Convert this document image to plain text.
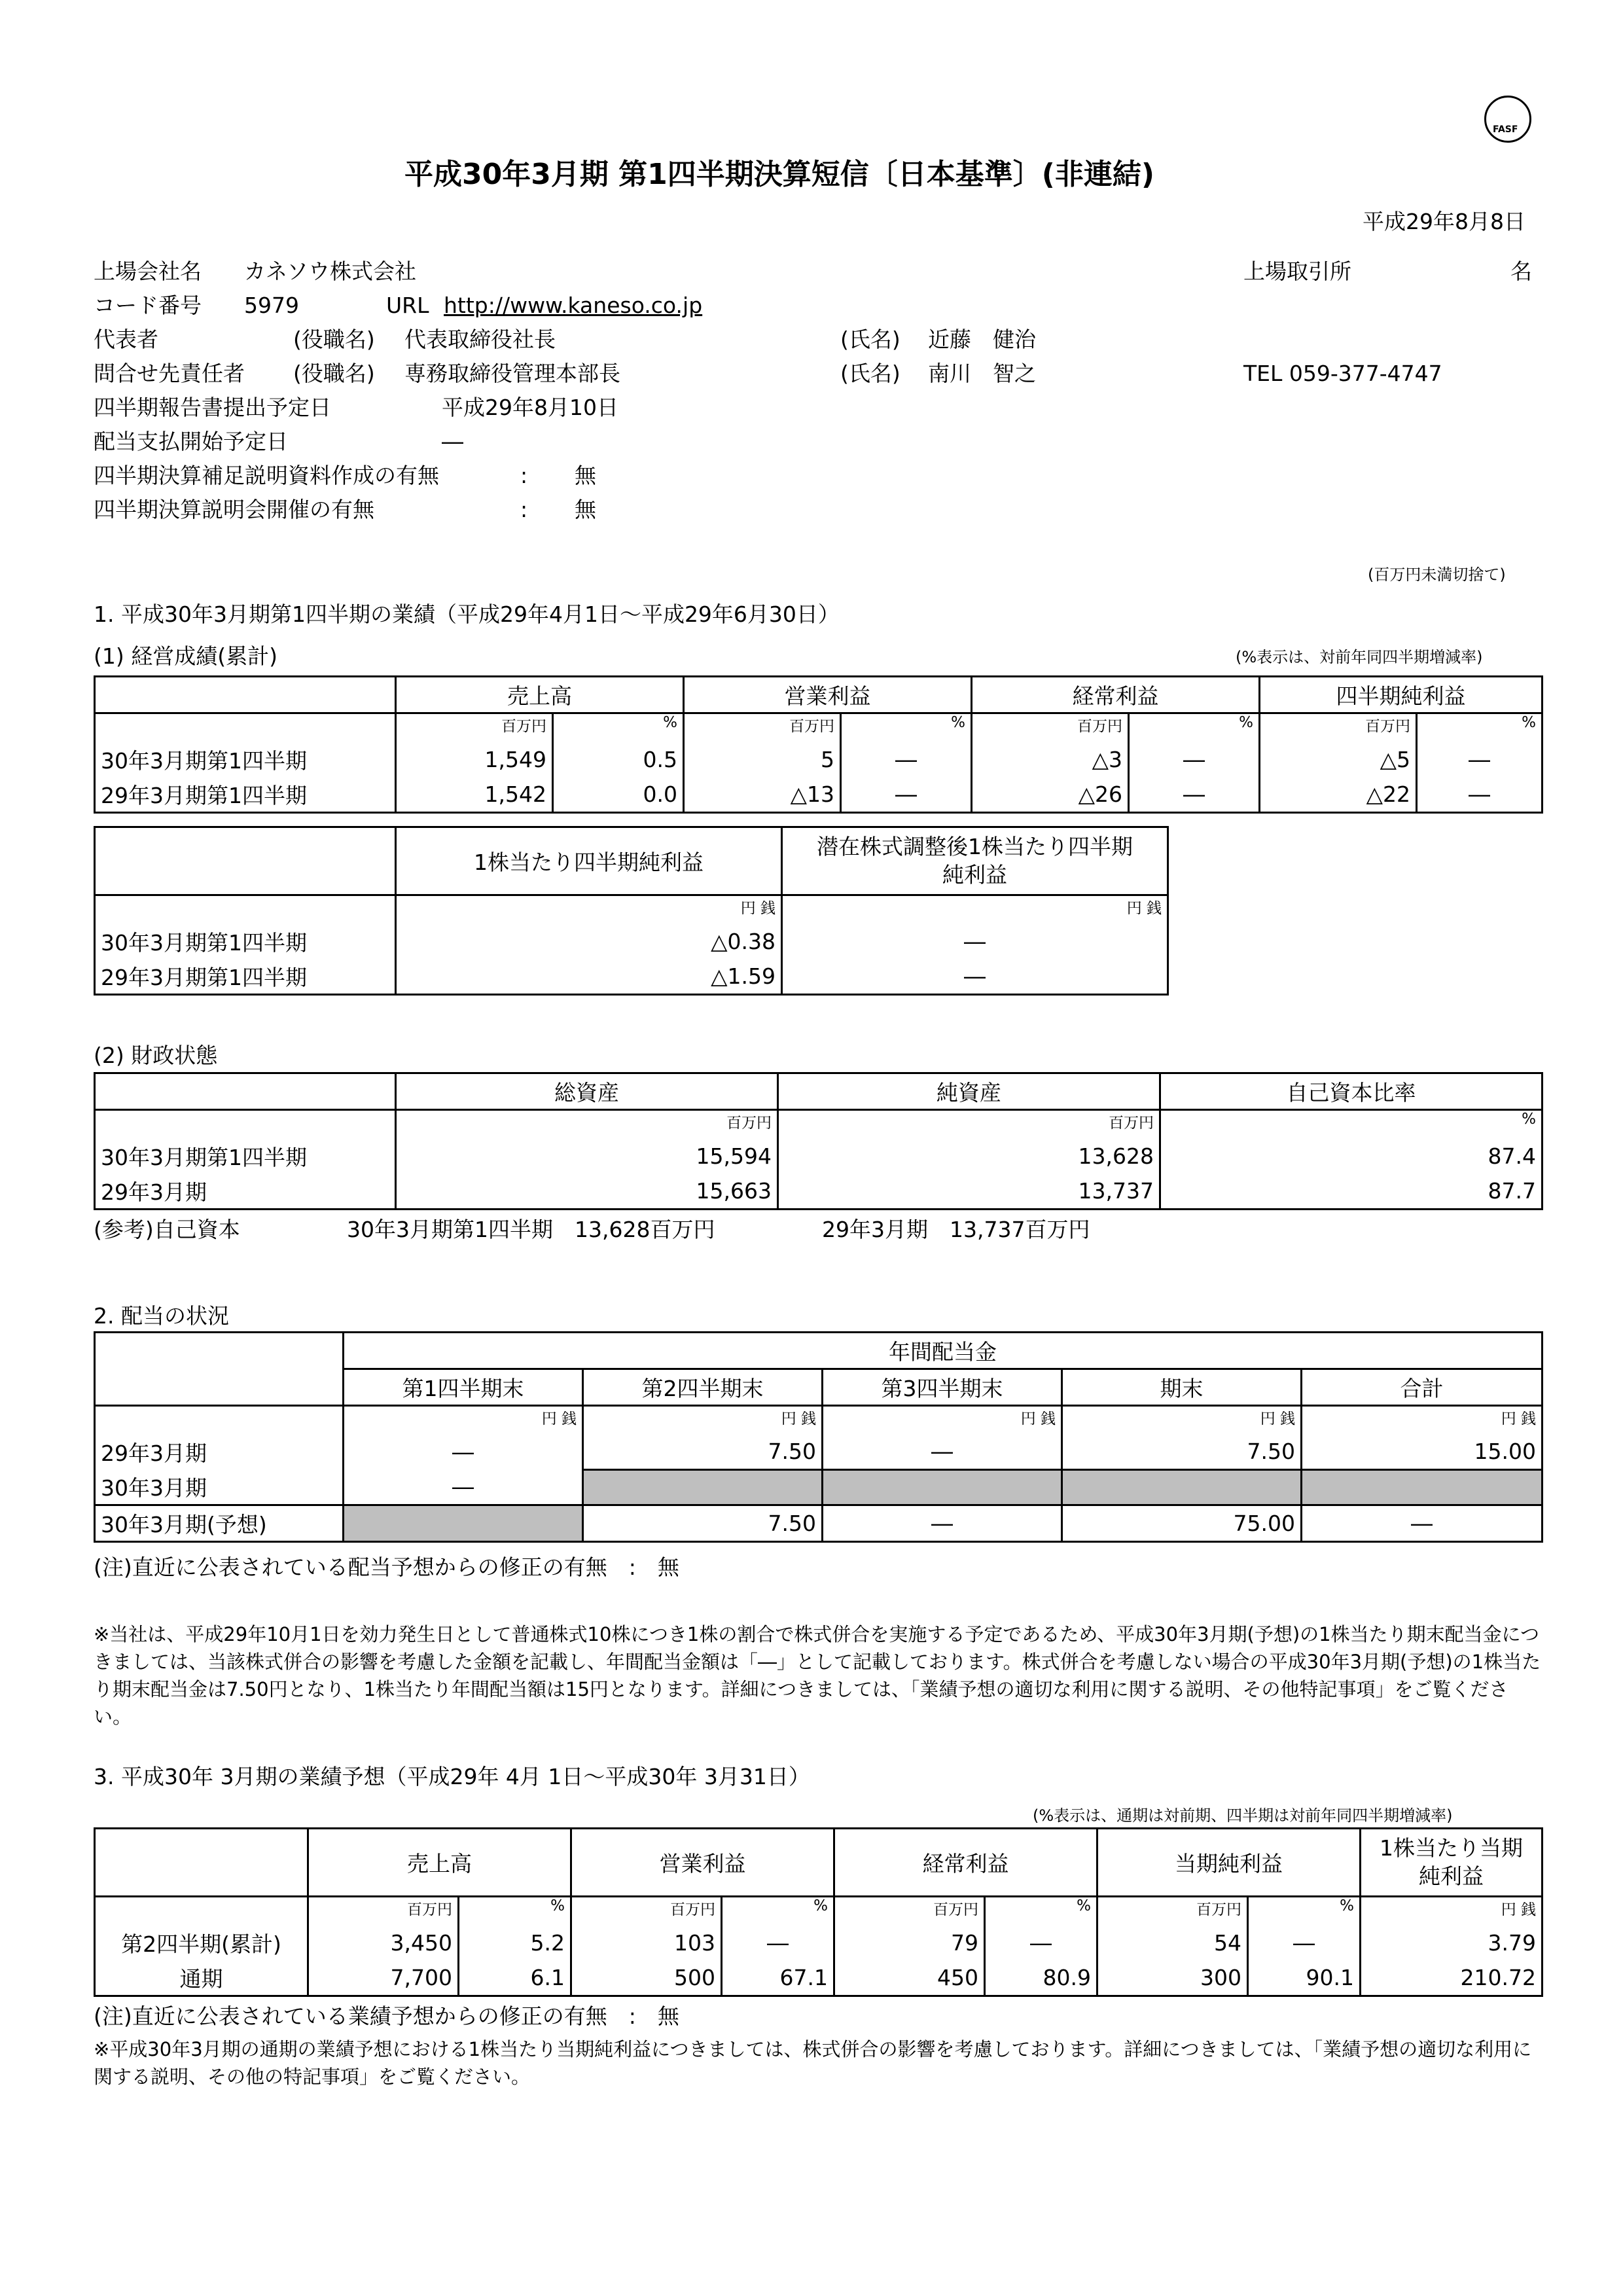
FASF
平成30年3月期 第1四半期決算短信〔日本基準〕(非連結)
平成29年8月8日
上場会社名 カネソウ株式会社	上場取引所	名
コード番号 5979	URL http://www.kaneso.co.jp
代表者	(役職名) 代表取締役社長	(氏名) 近藤　健治
問合せ先責任者 (役職名) 専務取締役管理本部長	(氏名) 南川　智之	TEL 059-377-4747
四半期報告書提出予定日	平成29年8月10日
配当支払開始予定日	―
四半期決算補足説明資料作成の有無	: 無
四半期決算説明会開催の有無	: 無
(百万円未満切捨て)
1. 平成30年3月期第1四半期の業績（平成29年4月1日～平成29年6月30日）
(1) 経営成績(累計)	(%表示は、対前年同四半期増減率)
	売上高		営業利益		経常利益		四半期純利益	
	百万円	%	百万円	%	百万円	%	百万円	%
30年3月期第1四半期	1,549	0.5	5	―	△3	―	△5	―
29年3月期第1四半期	1,542	0.0	△13	―	△26	―	△22	―
	1株当たり四半期純利益	潜在株式調整後1株当たり四半期
純利益

	円 銭	円 銭
30年3月期第1四半期	△0.38	―
29年3月期第1四半期	△1.59	―
(2) 財政状態
	総資産	純資産	自己資本比率
	百万円	百万円	%
30年3月期第1四半期	15,594	13,628	87.4
29年3月期	15,663	13,737	87.7
(参考)自己資本	30年3月期第1四半期　13,628百万円	29年3月期　13,737百万円
2. 配当の状況
	年間配当金				
	第1四半期末	第2四半期末	第3四半期末	期末	合計
	円 銭	円 銭	円 銭	円 銭	円 銭
29年3月期	―	7.50	―	7.50	15.00
30年3月期	―				
30年3月期(予想)		7.50	―	75.00	―
(注)直近に公表されている配当予想からの修正の有無　:　無
※当社は、平成29年10月1日を効力発生日として普通株式10株につき1株の割合で株式併合を実施する予定であるため、平成30年3月期(予想)の1株当たり期末配当金につきましては、当該株式併合の影響を考慮した金額を記載し、年間配当金額は「―」として記載しております。株式併合を考慮しない場合の平成30年3月期(予想)の1株当たり期末配当金は7.50円となり、1株当たり年間配当額は15円となります。詳細につきましては、「業績予想の適切な利用に関する説明、その他特記事項」をご覧ください。
3. 平成30年 3月期の業績予想（平成29年 4月 1日～平成30年 3月31日）
(%表示は、通期は対前期、四半期は対前年同四半期増減率)
	売上高		営業利益		経常利益		当期純利益		1株当たり当期
純利益

	百万円	%	百万円	%	百万円	%	百万円	%	円 銭
第2四半期(累計)	3,450	5.2	103	―	79	―	54	―	3.79
通期	7,700	6.1	500	67.1	450	80.9	300	90.1	210.72
(注)直近に公表されている業績予想からの修正の有無　:　無
※平成30年3月期の通期の業績予想における1株当たり当期純利益につきましては、株式併合の影響を考慮しております。詳細につきましては、「業績予想の適切な利用に関する説明、その他の特記事項」をご覧ください。
